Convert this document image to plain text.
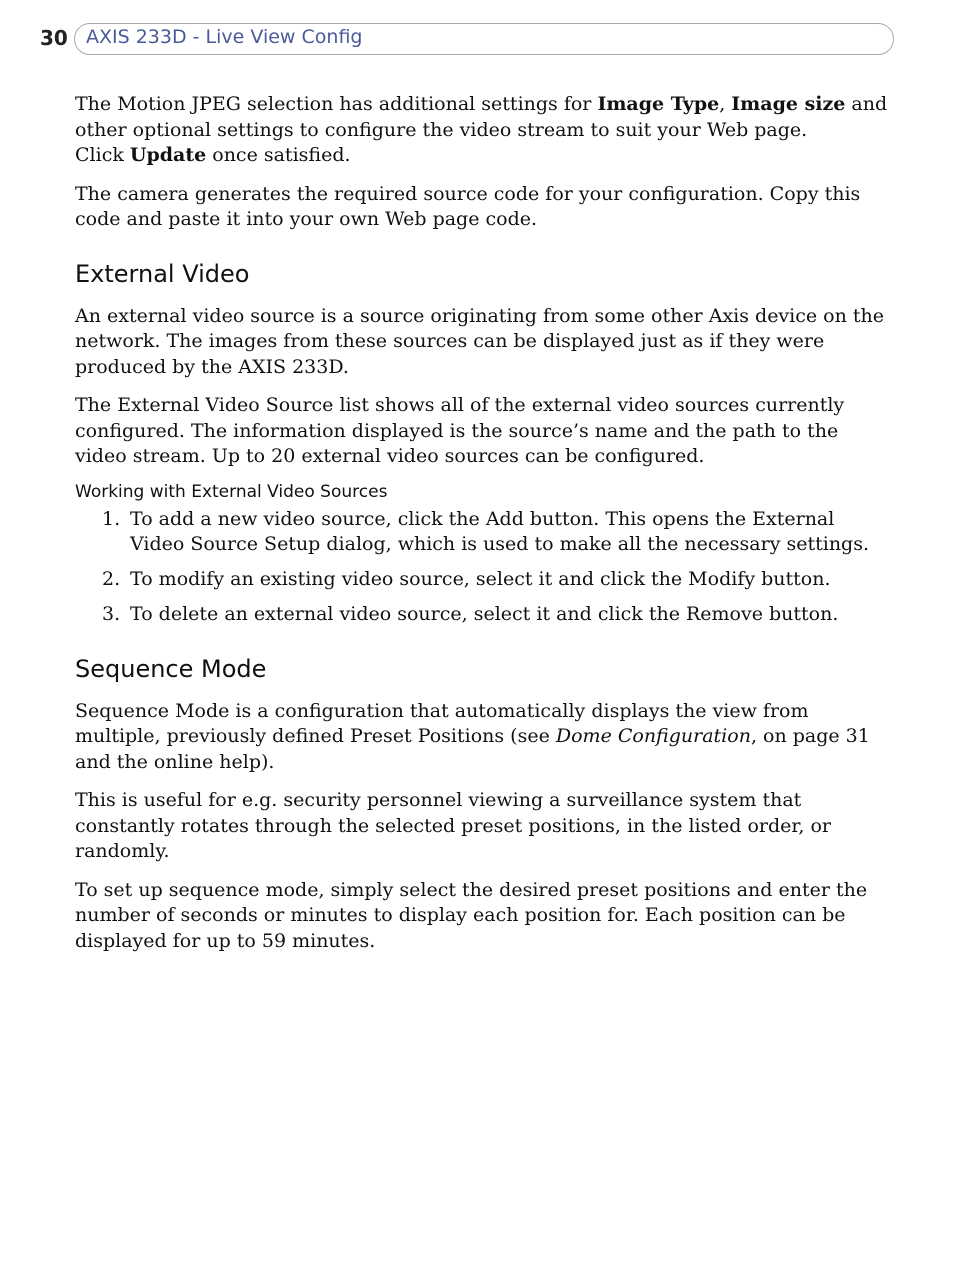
30 AXIS 233D - Live View Config

The Motion JPEG selection has additional settings for Image Type, Image size and other optional settings to configure the video stream to suit your Web page.
Click Update once satisfied.

The camera generates the required source code for your configuration. Copy this code and paste it into your own Web page code.

External Video

An external video source is a source originating from some other Axis device on the network. The images from these sources can be displayed just as if they were produced by the AXIS 233D.

The External Video Source list shows all of the external video sources currently configured. The information displayed is the source’s name and the path to the video stream. Up to 20 external video sources can be configured.

Working with External Video Sources
1. To add a new video source, click the Add button. This opens the External Video Source Setup dialog, which is used to make all the necessary settings.
2. To modify an existing video source, select it and click the Modify button.
3. To delete an external video source, select it and click the Remove button.
Sequence Mode

Sequence Mode is a configuration that automatically displays the view from multiple, previously defined Preset Positions (see Dome Configuration, on page 31 and the online help).

This is useful for e.g. security personnel viewing a surveillance system that constantly rotates through the selected preset positions, in the listed order, or randomly.

To set up sequence mode, simply select the desired preset positions and enter the number of seconds or minutes to display each position for. Each position can be displayed for up to 59 minutes.
